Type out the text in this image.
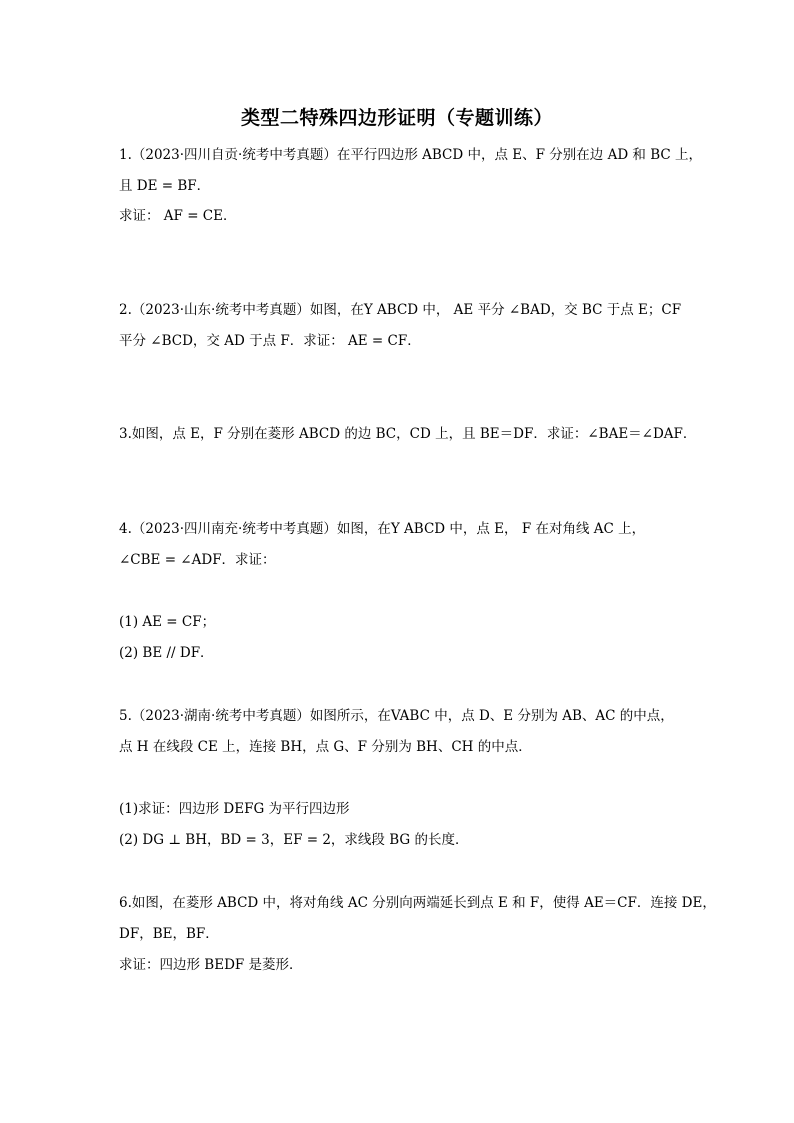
类型二特殊四边形证明（专题训练）
1.（2023·四川自贡·统考中考真题）在平行四边形 ABCD 中，点 E、F 分别在边 AD 和 BC 上，
且 DE = BF．
求证： AF = CE．
2.（2023·山东·统考中考真题）如图，在Y ABCD 中， AE 平分 ∠BAD，交 BC 于点 E；CF
平分 ∠BCD，交 AD 于点 F．求证： AE = CF．
3.如图，点 E，F 分别在菱形 ABCD 的边 BC，CD 上，且 BE＝DF．求证：∠BAE＝∠DAF．
4.（2023·四川南充·统考中考真题）如图，在Y ABCD 中，点 E， F 在对角线 AC 上，
∠CBE = ∠ADF．求证：
(1) AE = CF；
(2) BE // DF．
5.（2023·湖南·统考中考真题）如图所示，在VABC 中，点 D、E 分别为 AB、AC 的中点，
点 H 在线段 CE 上，连接 BH，点 G、F 分别为 BH、CH 的中点．
(1)求证：四边形 DEFG 为平行四边形
(2) DG ⊥ BH，BD = 3，EF = 2，求线段 BG 的长度．
6.如图，在菱形 ABCD 中，将对角线 AC 分别向两端延长到点 E 和 F，使得 AE＝CF．连接 DE，
DF，BE，BF．
求证：四边形 BEDF 是菱形．
